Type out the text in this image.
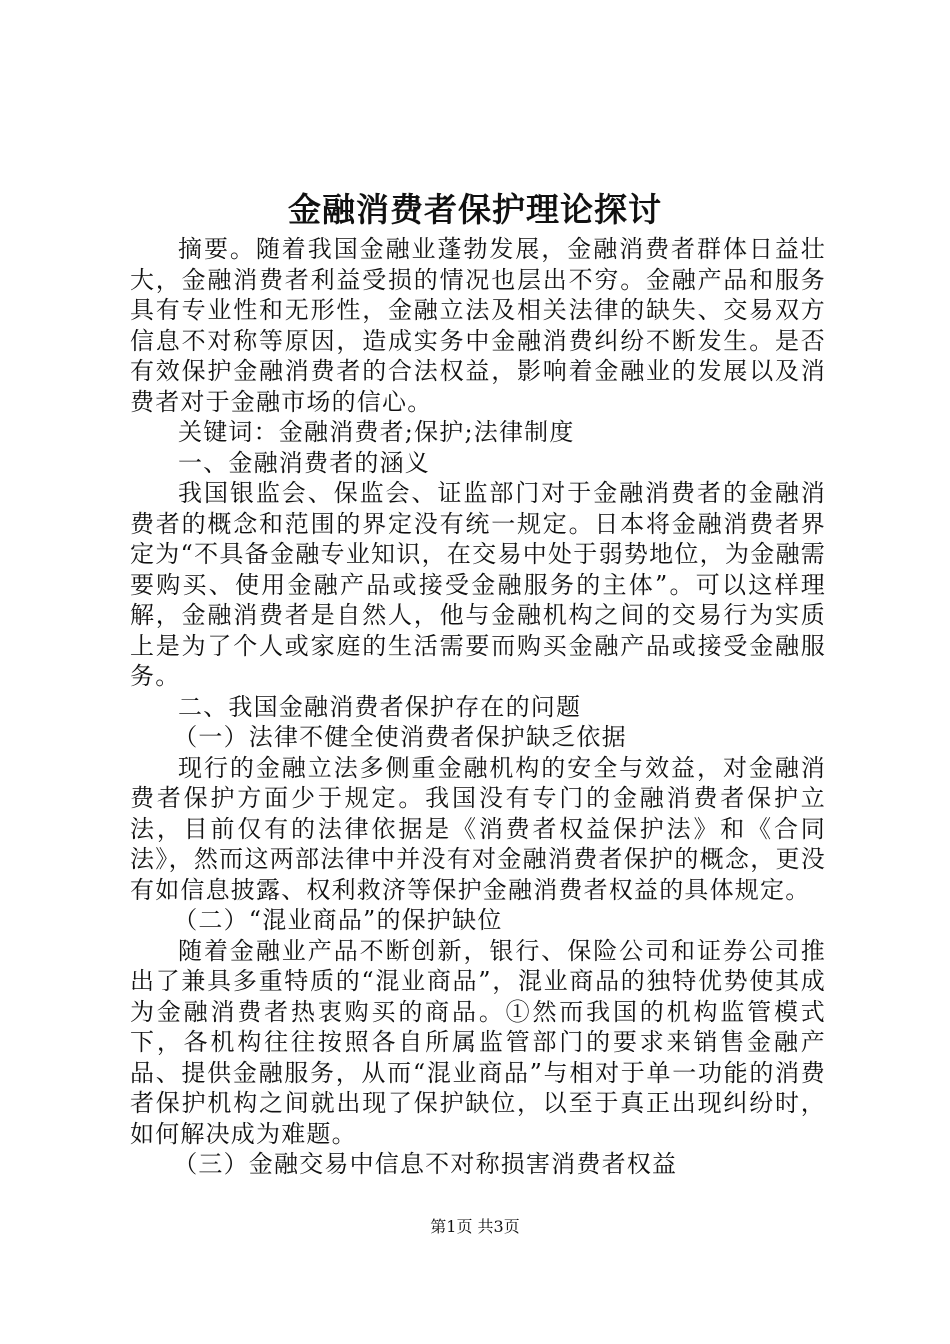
金融消费者保护理论探讨

摘要。随着我国金融业蓬勃发展，金融消费者群体日益壮大，金融消费者利益受损的情况也层出不穷。金融产品和服务具有专业性和无形性，金融立法及相关法律的缺失、交易双方信息不对称等原因，造成实务中金融消费纠纷不断发生。是否有效保护金融消费者的合法权益，影响着金融业的发展以及消费者对于金融市场的信心。

关键词：金融消费者;保护;法律制度

一、金融消费者的涵义

我国银监会、保监会、证监部门对于金融消费者的金融消费者的概念和范围的界定没有统一规定。日本将金融消费者界定为“不具备金融专业知识，在交易中处于弱势地位，为金融需要购买、使用金融产品或接受金融服务的主体”。可以这样理解，金融消费者是自然人，他与金融机构之间的交易行为实质上是为了个人或家庭的生活需要而购买金融产品或接受金融服务。

二、我国金融消费者保护存在的问题

（一）法律不健全使消费者保护缺乏依据

现行的金融立法多侧重金融机构的安全与效益，对金融消费者保护方面少于规定。我国没有专门的金融消费者保护立法，目前仅有的法律依据是《消费者权益保护法》和《合同法》，然而这两部法律中并没有对金融消费者保护的概念，更没有如信息披露、权利救济等保护金融消费者权益的具体规定。

（二）“混业商品”的保护缺位

随着金融业产品不断创新，银行、保险公司和证券公司推出了兼具多重特质的“混业商品”，混业商品的独特优势使其成为金融消费者热衷购买的商品。①然而我国的机构监管模式下，各机构往往按照各自所属监管部门的要求来销售金融产品、提供金融服务，从而“混业商品”与相对于单一功能的消费者保护机构之间就出现了保护缺位，以至于真正出现纠纷时，如何解决成为难题。

（三）金融交易中信息不对称损害消费者权益

第1页 共3页
